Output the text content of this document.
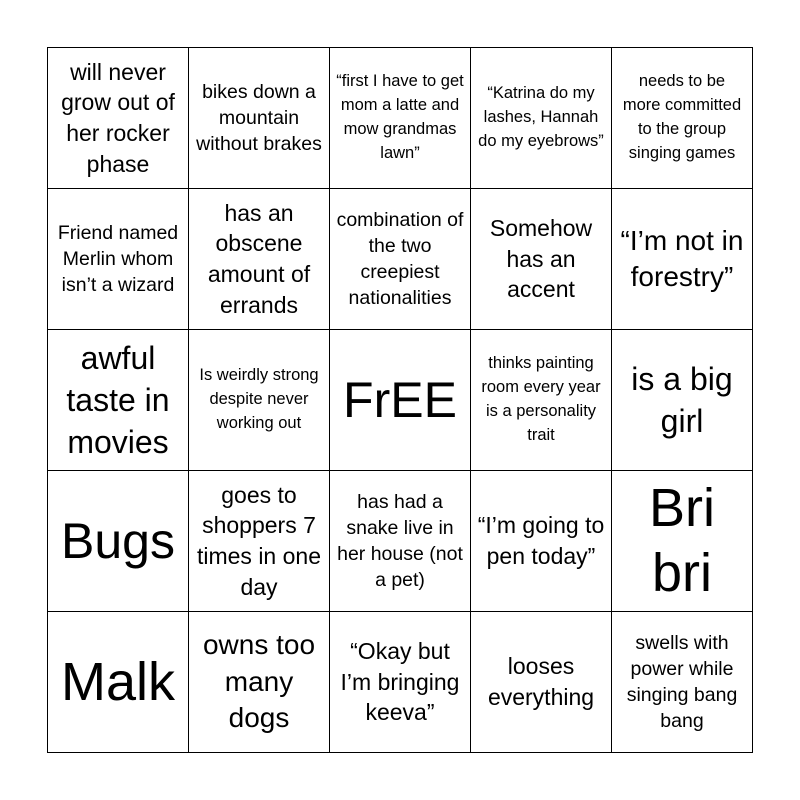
will never grow out of her rocker phase
bikes down a mountain without brakes
“first I have to get mom a latte and mow grandmas lawn”
“Katrina do my lashes, Hannah do my eyebrows”
needs to be more committed to the group singing games
Friend named Merlin whom isn’t a wizard
has an obscene amount of errands
combination of the two creepiest nationalities
Somehow has an accent
“I’m not in forestry”
awful taste in movies
Is weirdly strong despite never working out FrEE
thinks painting room every year is a personality trait
is a big girl
Bugs
goes to shoppers 7 times in one day
has had a snake live in her house (not a pet)
“I’m going to pen today”
Bri bri
Malk
owns too many dogs
“Okay but I’m bringing keeva”
looses everything
swells with power while singing bang bang
